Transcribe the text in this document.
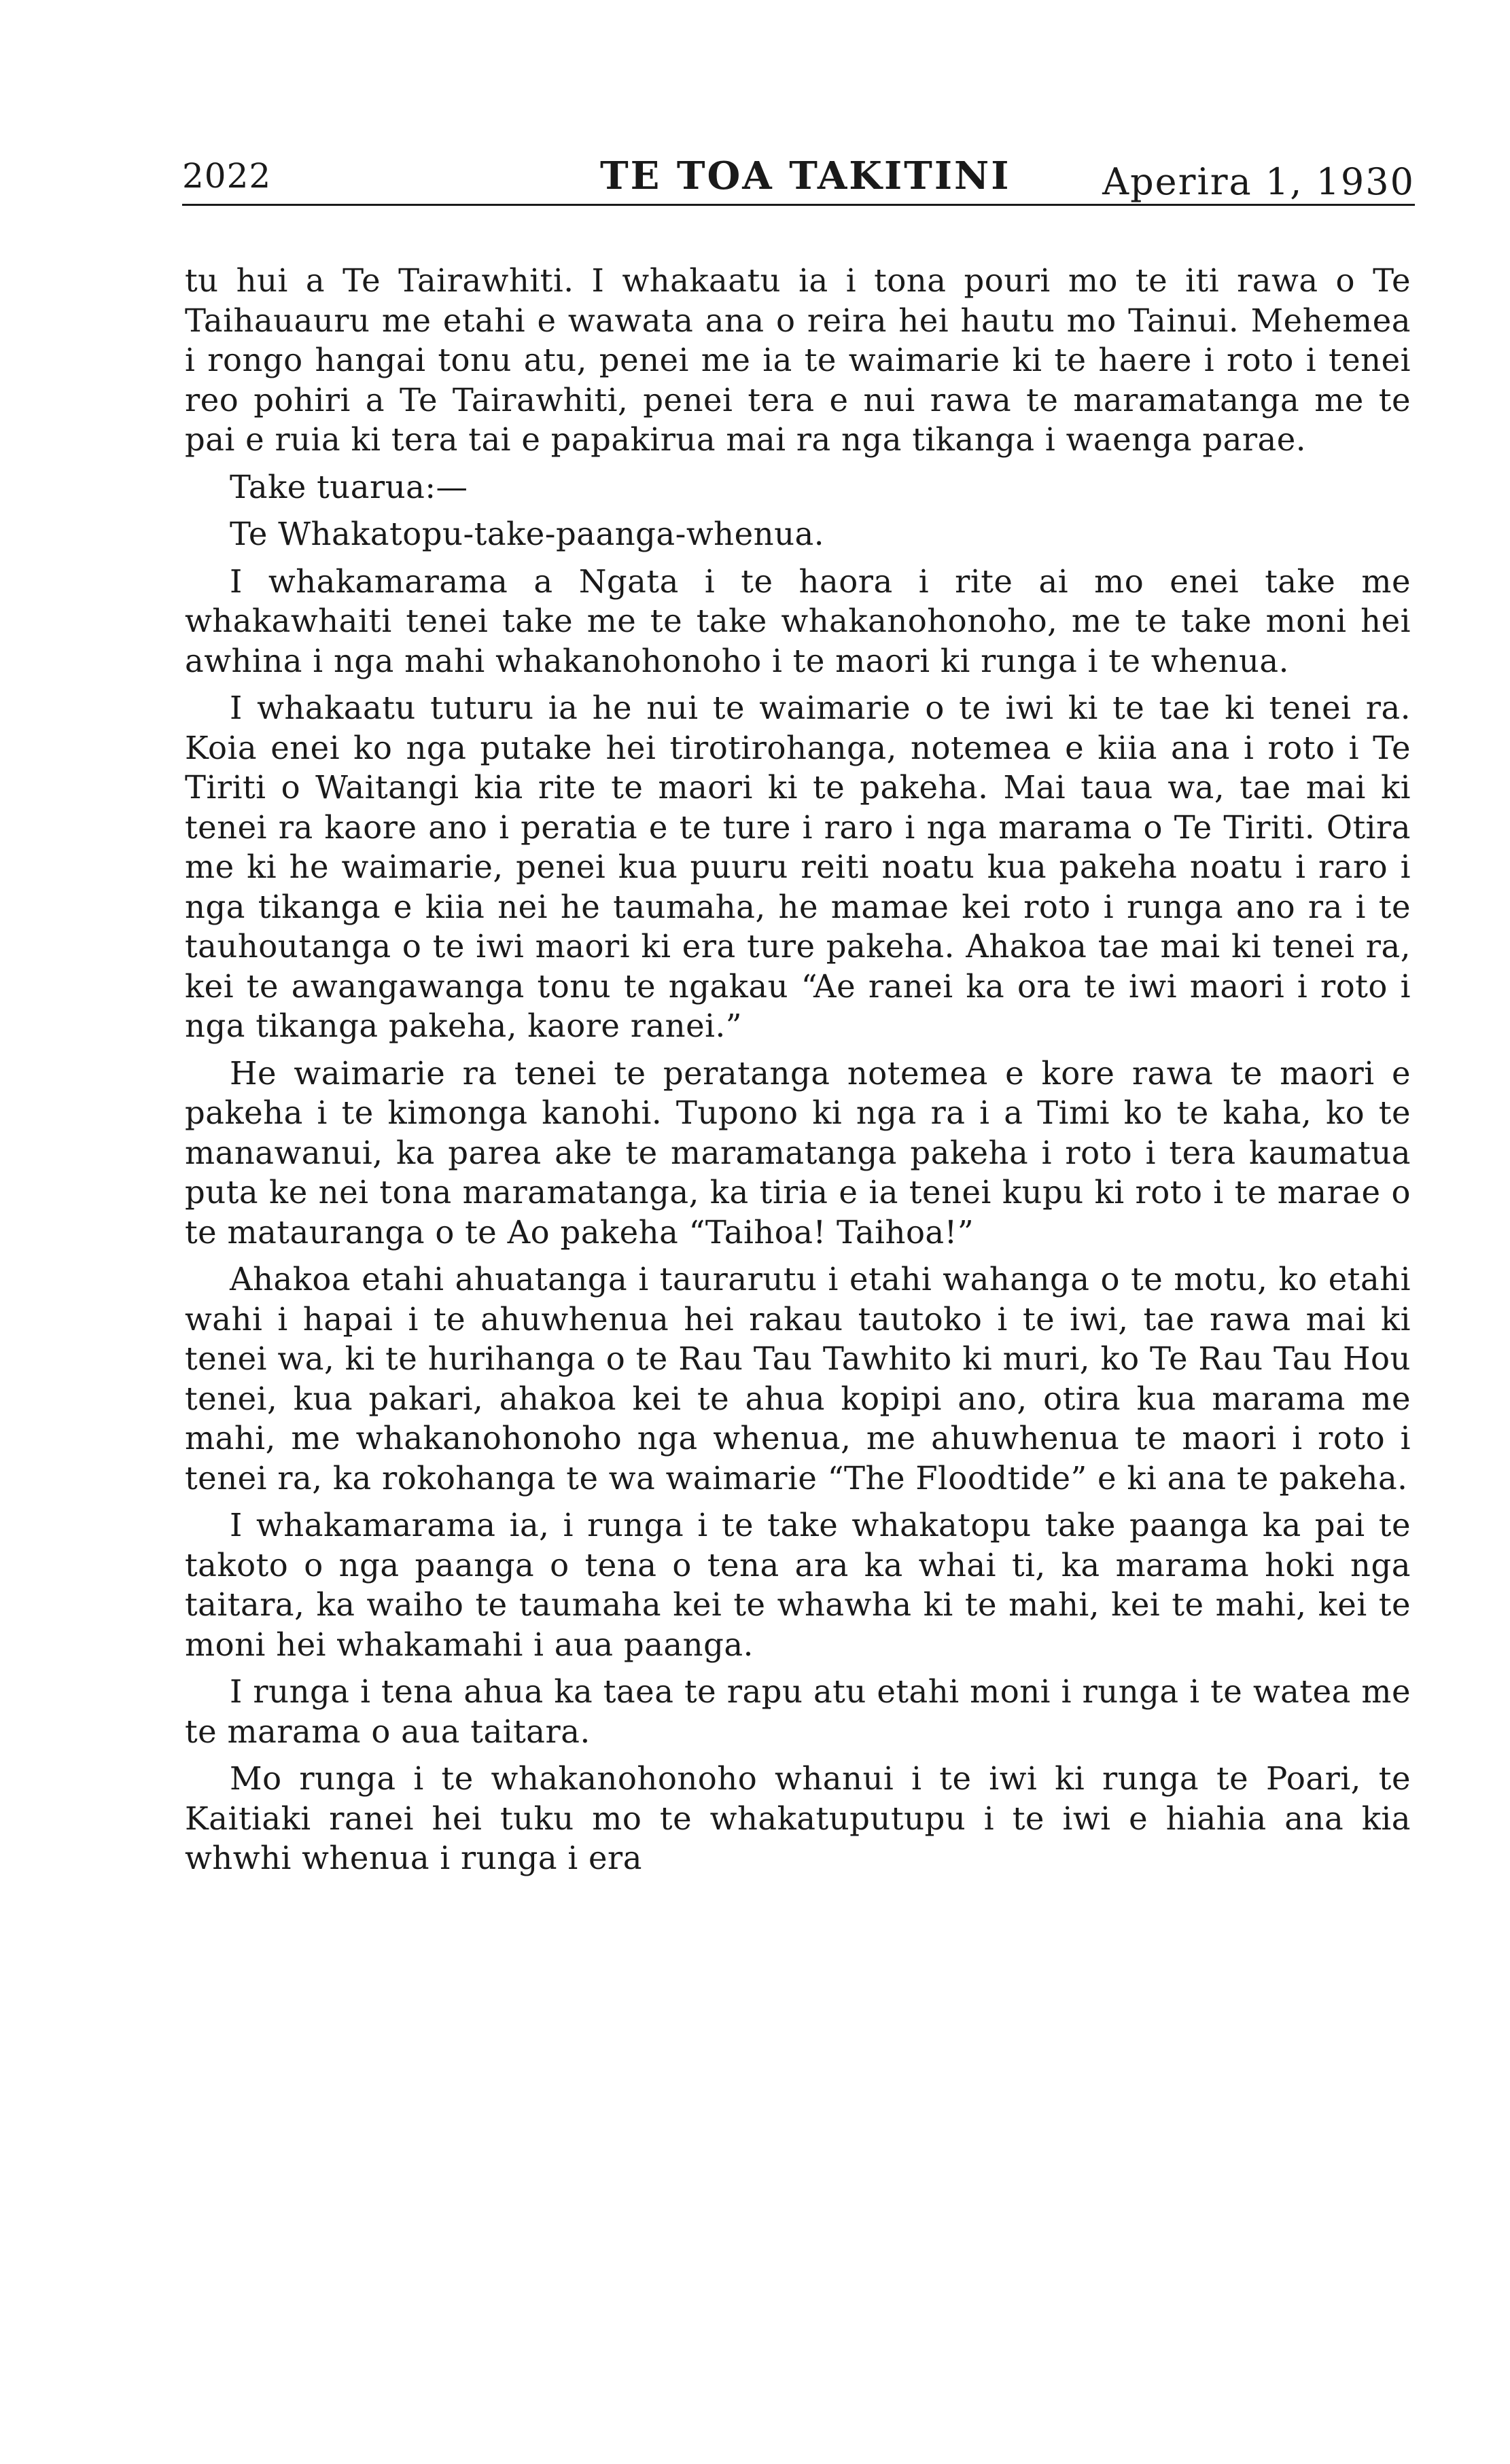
2022	TE TOA TAKITINI Aperira 1, 1930

tu hui a Te Tairawhiti. I whakaatu ia i tona pouri mo te iti rawa o Te Taihauauru me etahi e wawata ana o reira hei hautu mo Tainui. Mehemea i rongo hangai tonu atu, penei me ia te waimarie ki te haere i roto i tenei reo pohiri a Te Tairawhiti, penei tera e nui rawa te maramatanga me te pai e ruia ki tera tai e papakirua mai ra nga tikanga i waenga parae.

Take tuarua:—

Te Whakatopu-take-paanga-whenua.

I whakamarama a Ngata i te haora i rite ai mo enei take me whakawhaiti tenei take me te take whakanohonoho, me te take moni hei awhina i nga mahi whakanohonoho i te maori ki runga i te whenua.

I whakaatu tuturu ia he nui te waimarie o te iwi ki te tae ki tenei ra. Koia enei ko nga putake hei tirotirohanga, notemea e kiia ana i roto i Te Tiriti o Waitangi kia rite te maori ki te pakeha. Mai taua wa, tae mai ki tenei ra kaore ano i peratia e te ture i raro i nga marama o Te Tiriti. Otira me ki he waimarie, penei kua puuru reiti noatu kua pakeha noatu i raro i nga tikanga e kiia nei he taumaha, he mamae kei roto i runga ano ra i te tauhoutanga o te iwi maori ki era ture pakeha. Ahakoa tae mai ki tenei ra, kei te awangawanga tonu te ngakau “Ae ranei ka ora te iwi maori i roto i nga tikanga pakeha, kaore ranei.”

He waimarie ra tenei te peratanga notemea e kore rawa te maori e pakeha i te kimonga kanohi. Tupono ki nga ra i a Timi ko te kaha, ko te manawanui, ka parea ake te maramatanga pakeha i roto i tera kaumatua puta ke nei tona maramatanga, ka tiria e ia tenei kupu ki roto i te marae o te matauranga o te Ao pakeha “Taihoa! Taihoa!”

Ahakoa etahi ahuatanga i taurarutu i etahi wahanga o te motu, ko etahi wahi i hapai i te ahuwhenua hei rakau tautoko i te iwi, tae rawa mai ki tenei wa, ki te hurihanga o te Rau Tau Tawhito ki muri, ko Te Rau Tau Hou tenei, kua pakari, ahakoa kei te ahua kopipi ano, otira kua marama me mahi, me whakanohonoho nga whenua, me ahuwhenua te maori i roto i tenei ra, ka rokohanga te wa waimarie “The Floodtide” e ki ana te pakeha.

I whakamarama ia, i runga i te take whakatopu take paanga ka pai te takoto o nga paanga o tena o tena ara ka whai ti, ka marama hoki nga taitara, ka waiho te taumaha kei te whawha ki te mahi, kei te mahi, kei te moni hei whakamahi i aua paanga.

I runga i tena ahua ka taea te rapu atu etahi moni i runga i te watea me te marama o aua taitara.

Mo runga i te whakanohonoho whanui i te iwi ki runga te Poari, te Kaitiaki ranei hei tuku mo te whakatuputupu i te iwi e hiahia ana kia whwhi whenua i runga i era
